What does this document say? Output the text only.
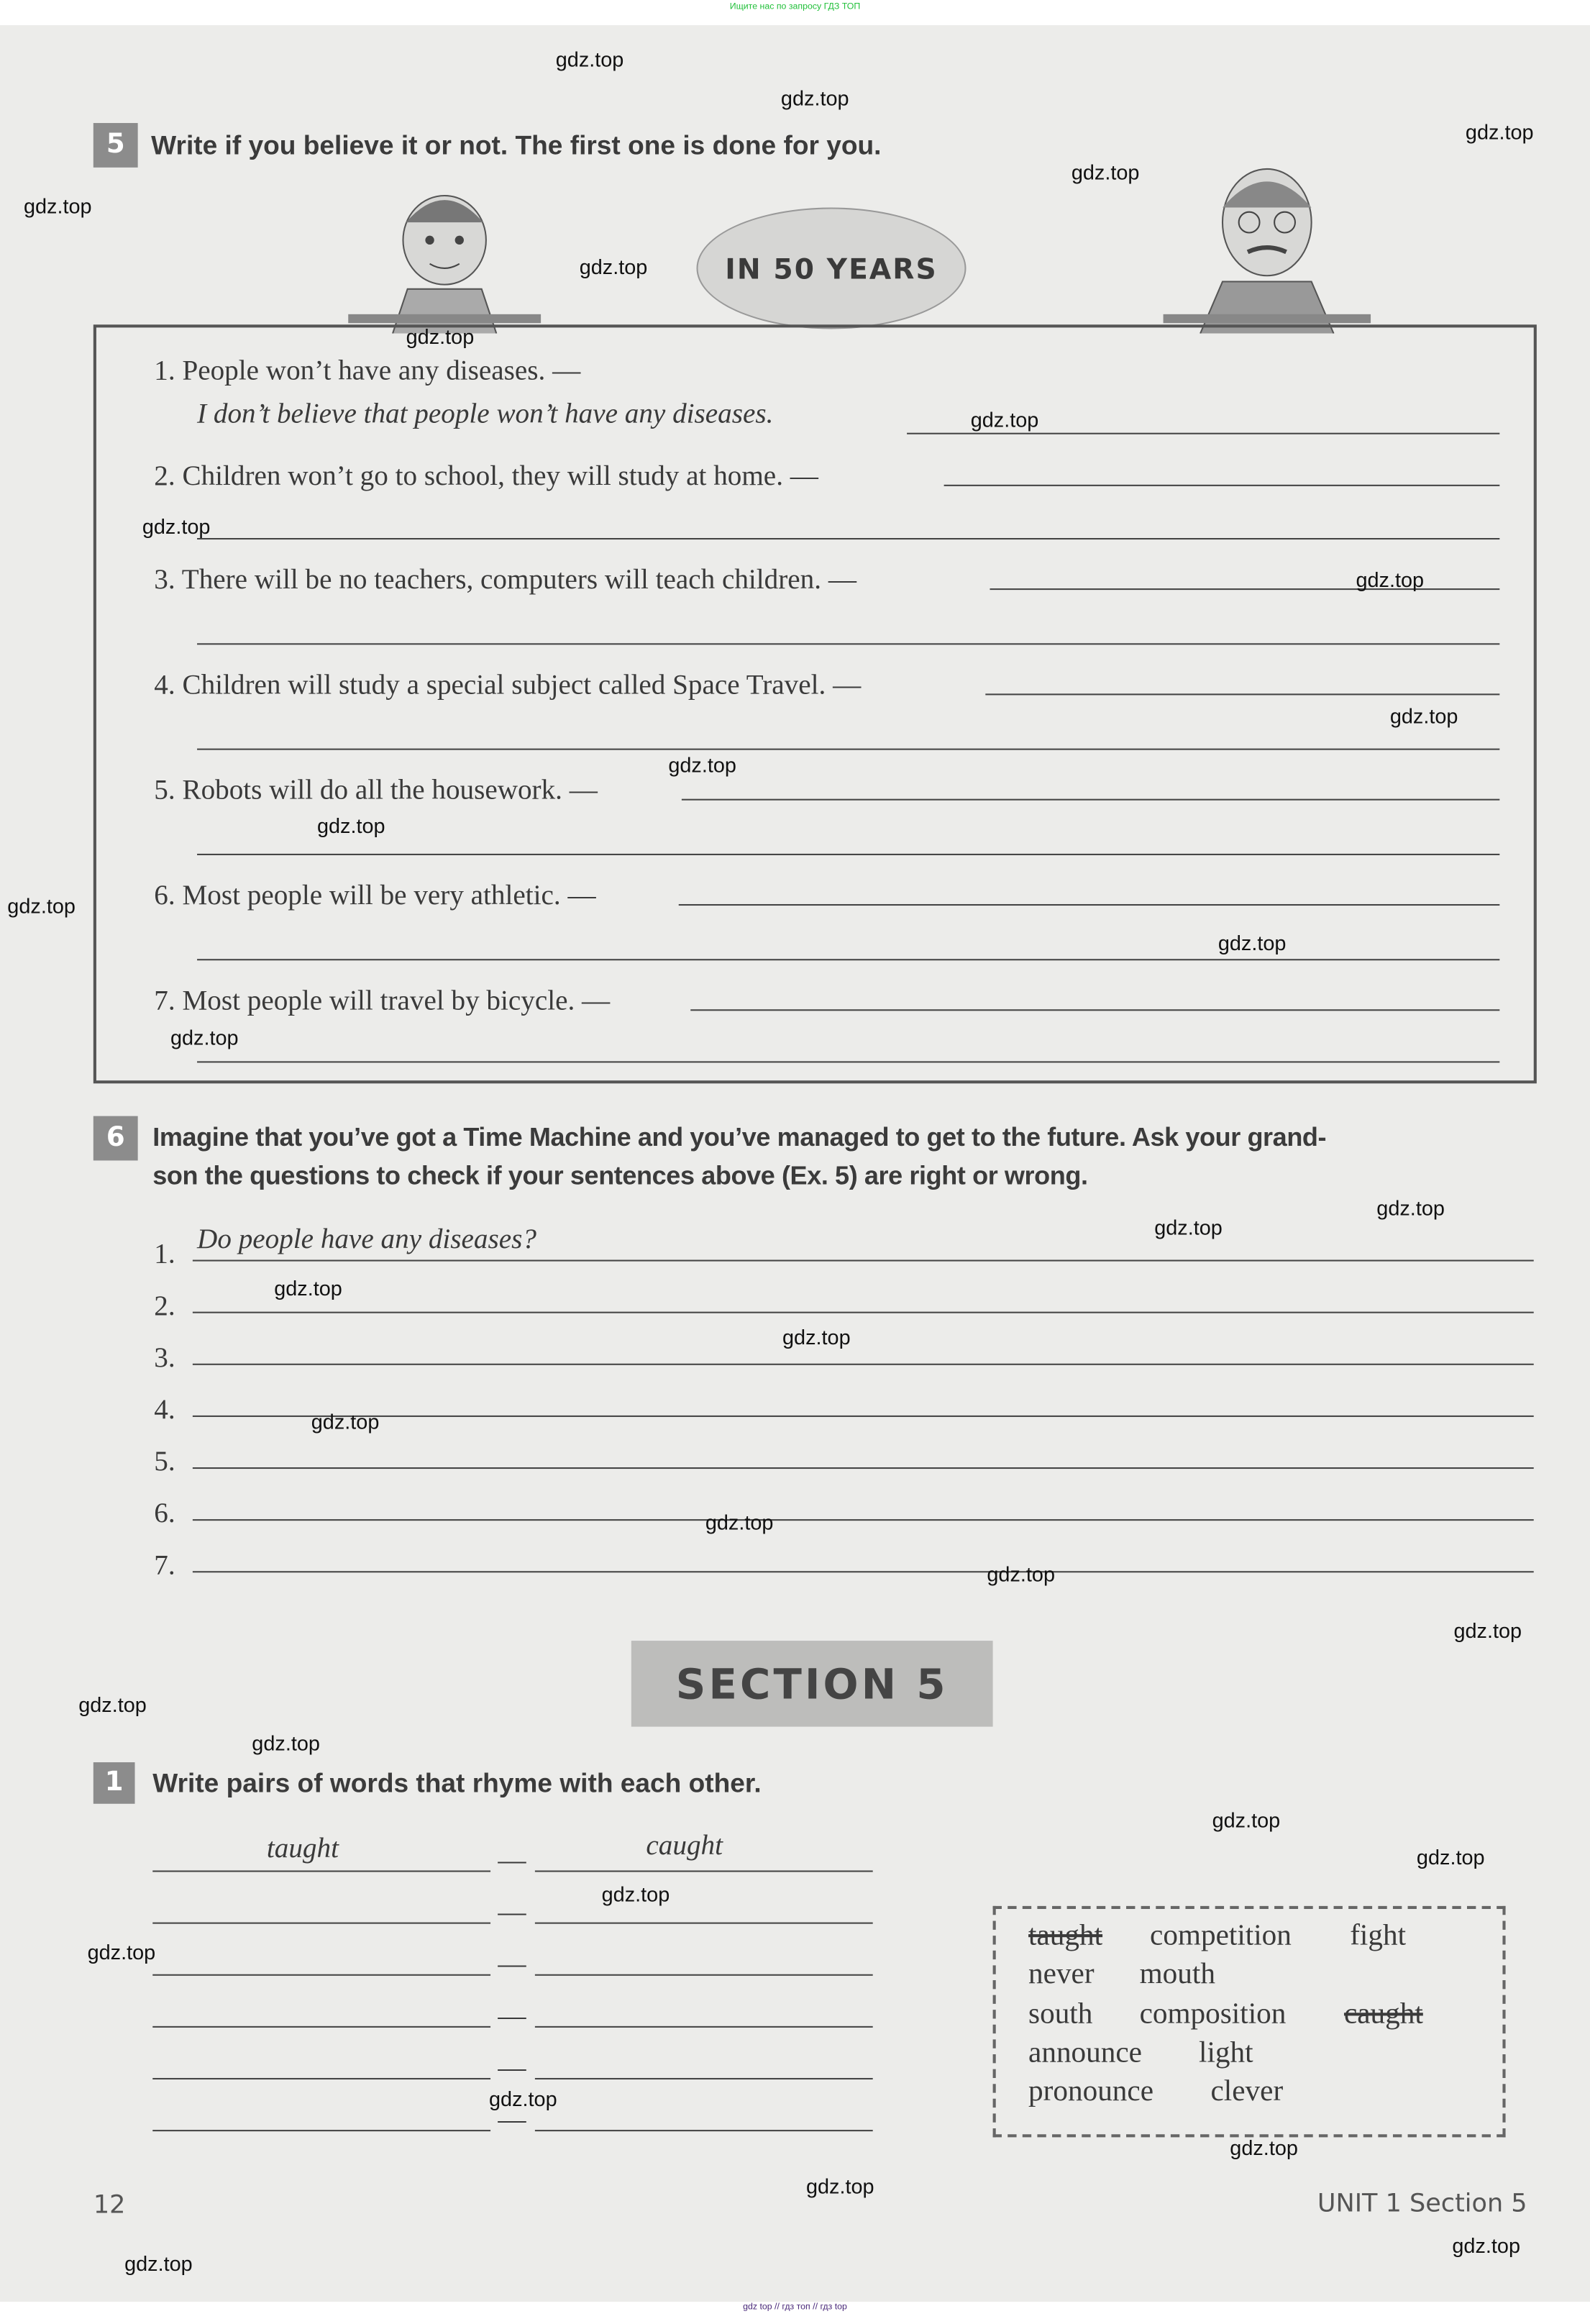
Ищите нас по запросу ГДЗ ТОП
5	Write if you believe it or not. The first one is done for you.
IN 50 YEARS
1. People won’t have any diseases. —
I don’t believe that people won’t have any diseases.
2. Children won’t go to school, they will study at home. —
3. There will be no teachers, computers will teach children. —
4. Children will study a special subject called Space Travel. —
5. Robots will do all the housework. —
6. Most people will be very athletic. —
7. Most people will travel by bicycle. —
6	Imagine that you’ve got a Time Machine and you’ve managed to get to the future. Ask your grand-
son the questions to check if your sentences above (Ex. 5) are right or wrong.
Do people have any diseases?
1.
2.
3.
4.
5.
6.
7.
SECTION 5
1	Write pairs of words that rhyme with each other.
taught	caught
—
—
—
—
—
—
taught	competition	fight
never	mouth
south	composition	caught
announce	light
pronounce	clever
12	UNIT 1 Section 5
gdz.top
gdz.top
gdz.top
gdz.top
gdz.top
gdz.top
gdz.top
gdz.top
gdz.top
gdz.top
gdz.top
gdz.top
gdz.top
gdz.top
gdz.top
gdz.top
gdz.top
gdz.top
gdz.top
gdz.top
gdz.top
gdz.top
gdz.top
gdz.top
gdz.top
gdz.top
gdz.top
gdz.top
gdz.top
gdz.top
gdz.top
gdz.top
gdz.top
gdz.top
gdz.top
gdz top // гдз топ // гдз top
